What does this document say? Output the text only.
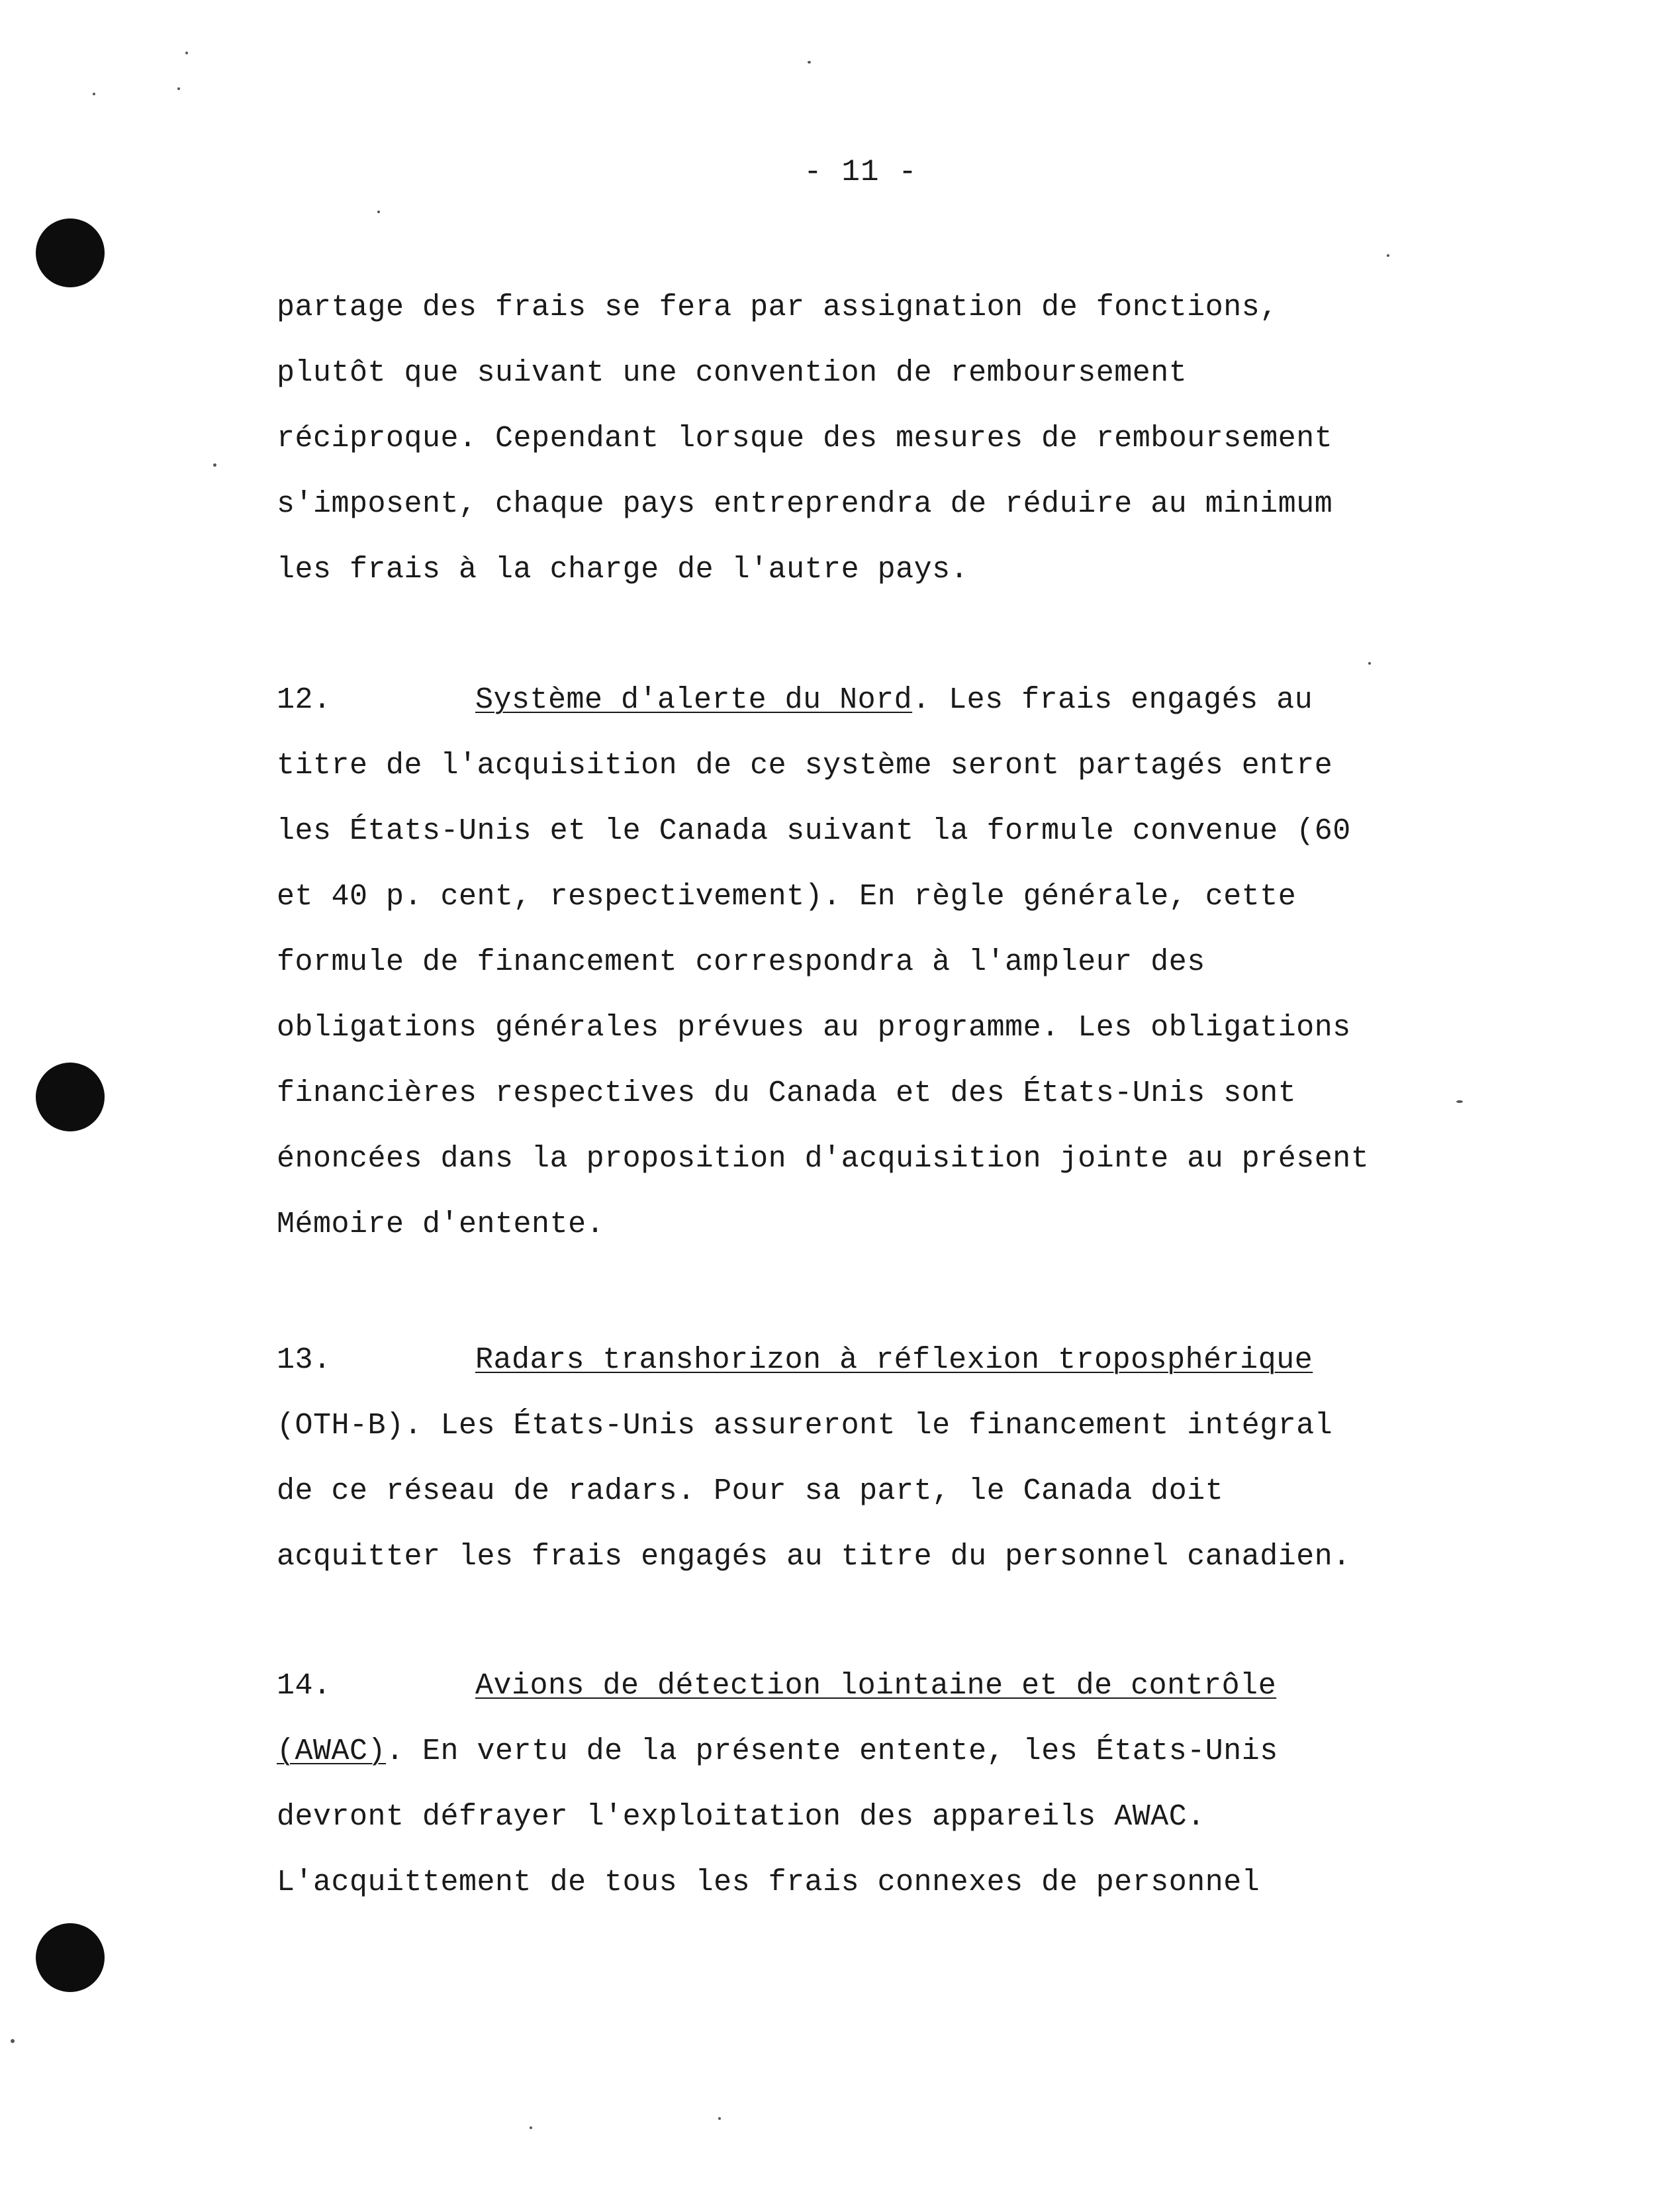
- 11 -
partage des frais se fera par assignation de fonctions,
plutôt que suivant une convention de remboursement
réciproque. Cependant lorsque des mesures de remboursement
s'imposent, chaque pays entreprendra de réduire au minimum
les frais à la charge de l'autre pays.
12.	Système d'alerte du Nord. Les frais engagés au
titre de l'acquisition de ce système seront partagés entre
les États-Unis et le Canada suivant la formule convenue (60
et 40 p. cent, respectivement). En règle générale, cette
formule de financement correspondra à l'ampleur des
obligations générales prévues au programme. Les obligations
financières respectives du Canada et des États-Unis sont
énoncées dans la proposition d'acquisition jointe au présent
Mémoire d'entente.
13.	Radars transhorizon à réflexion troposphérique
(OTH-B). Les États-Unis assureront le financement intégral
de ce réseau de radars. Pour sa part, le Canada doit
acquitter les frais engagés au titre du personnel canadien.
14.	Avions de détection lointaine et de contrôle
(AWAC). En vertu de la présente entente, les États-Unis
devront défrayer l'exploitation des appareils AWAC.
L'acquittement de tous les frais connexes de personnel
